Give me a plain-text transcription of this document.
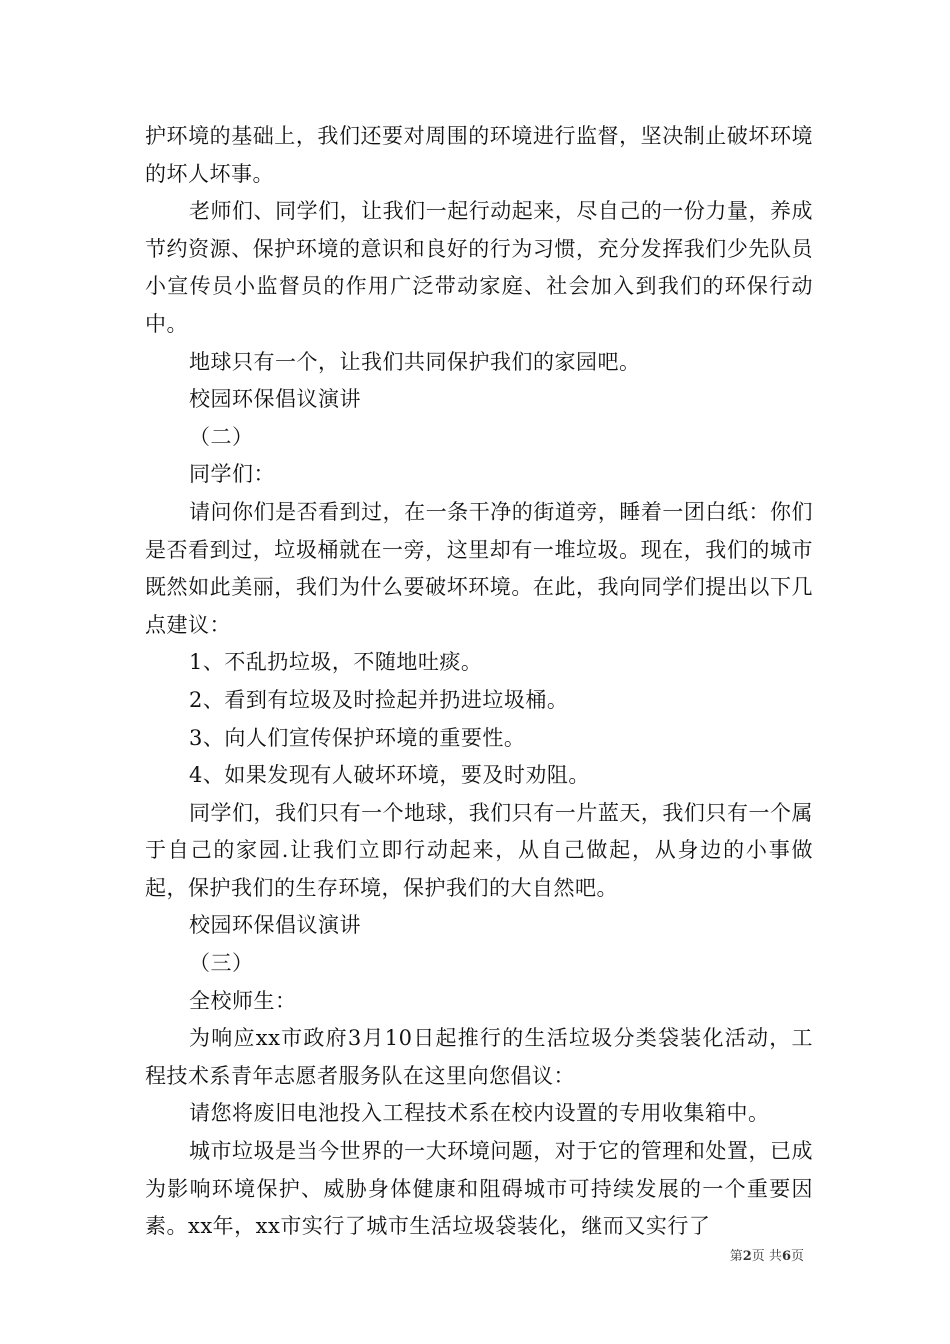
护环境的基础上，我们还要对周围的环境进行监督，坚决制止破坏环境的坏人坏事。

老师们、同学们，让我们一起行动起来，尽自己的一份力量，养成节约资源、保护环境的意识和良好的行为习惯，充分发挥我们少先队员小宣传员小监督员的作用广泛带动家庭、社会加入到我们的环保行动中。

地球只有一个，让我们共同保护我们的家园吧。

校园环保倡议演讲

（二）

同学们：

请问你们是否看到过，在一条干净的街道旁，睡着一团白纸：你们是否看到过，垃圾桶就在一旁，这里却有一堆垃圾。现在，我们的城市既然如此美丽，我们为什么要破坏环境。在此，我向同学们提出以下几点建议：

1、不乱扔垃圾，不随地吐痰。

2、看到有垃圾及时捡起并扔进垃圾桶。

3、向人们宣传保护环境的重要性。

4、如果发现有人破坏环境，要及时劝阻。

同学们，我们只有一个地球，我们只有一片蓝天，我们只有一个属于自己的家园.让我们立即行动起来，从自己做起，从身边的小事做起，保护我们的生存环境，保护我们的大自然吧。

校园环保倡议演讲

（三）

全校师生：

为响应xx市政府3月10日起推行的生活垃圾分类袋装化活动，工程技术系青年志愿者服务队在这里向您倡议：

请您将废旧电池投入工程技术系在校内设置的专用收集箱中。

城市垃圾是当今世界的一大环境问题，对于它的管理和处置，已成为影响环境保护、威胁身体健康和阻碍城市可持续发展的一个重要因素。xx年，xx市实行了城市生活垃圾袋装化，继而又实行了

第2页 共6页
